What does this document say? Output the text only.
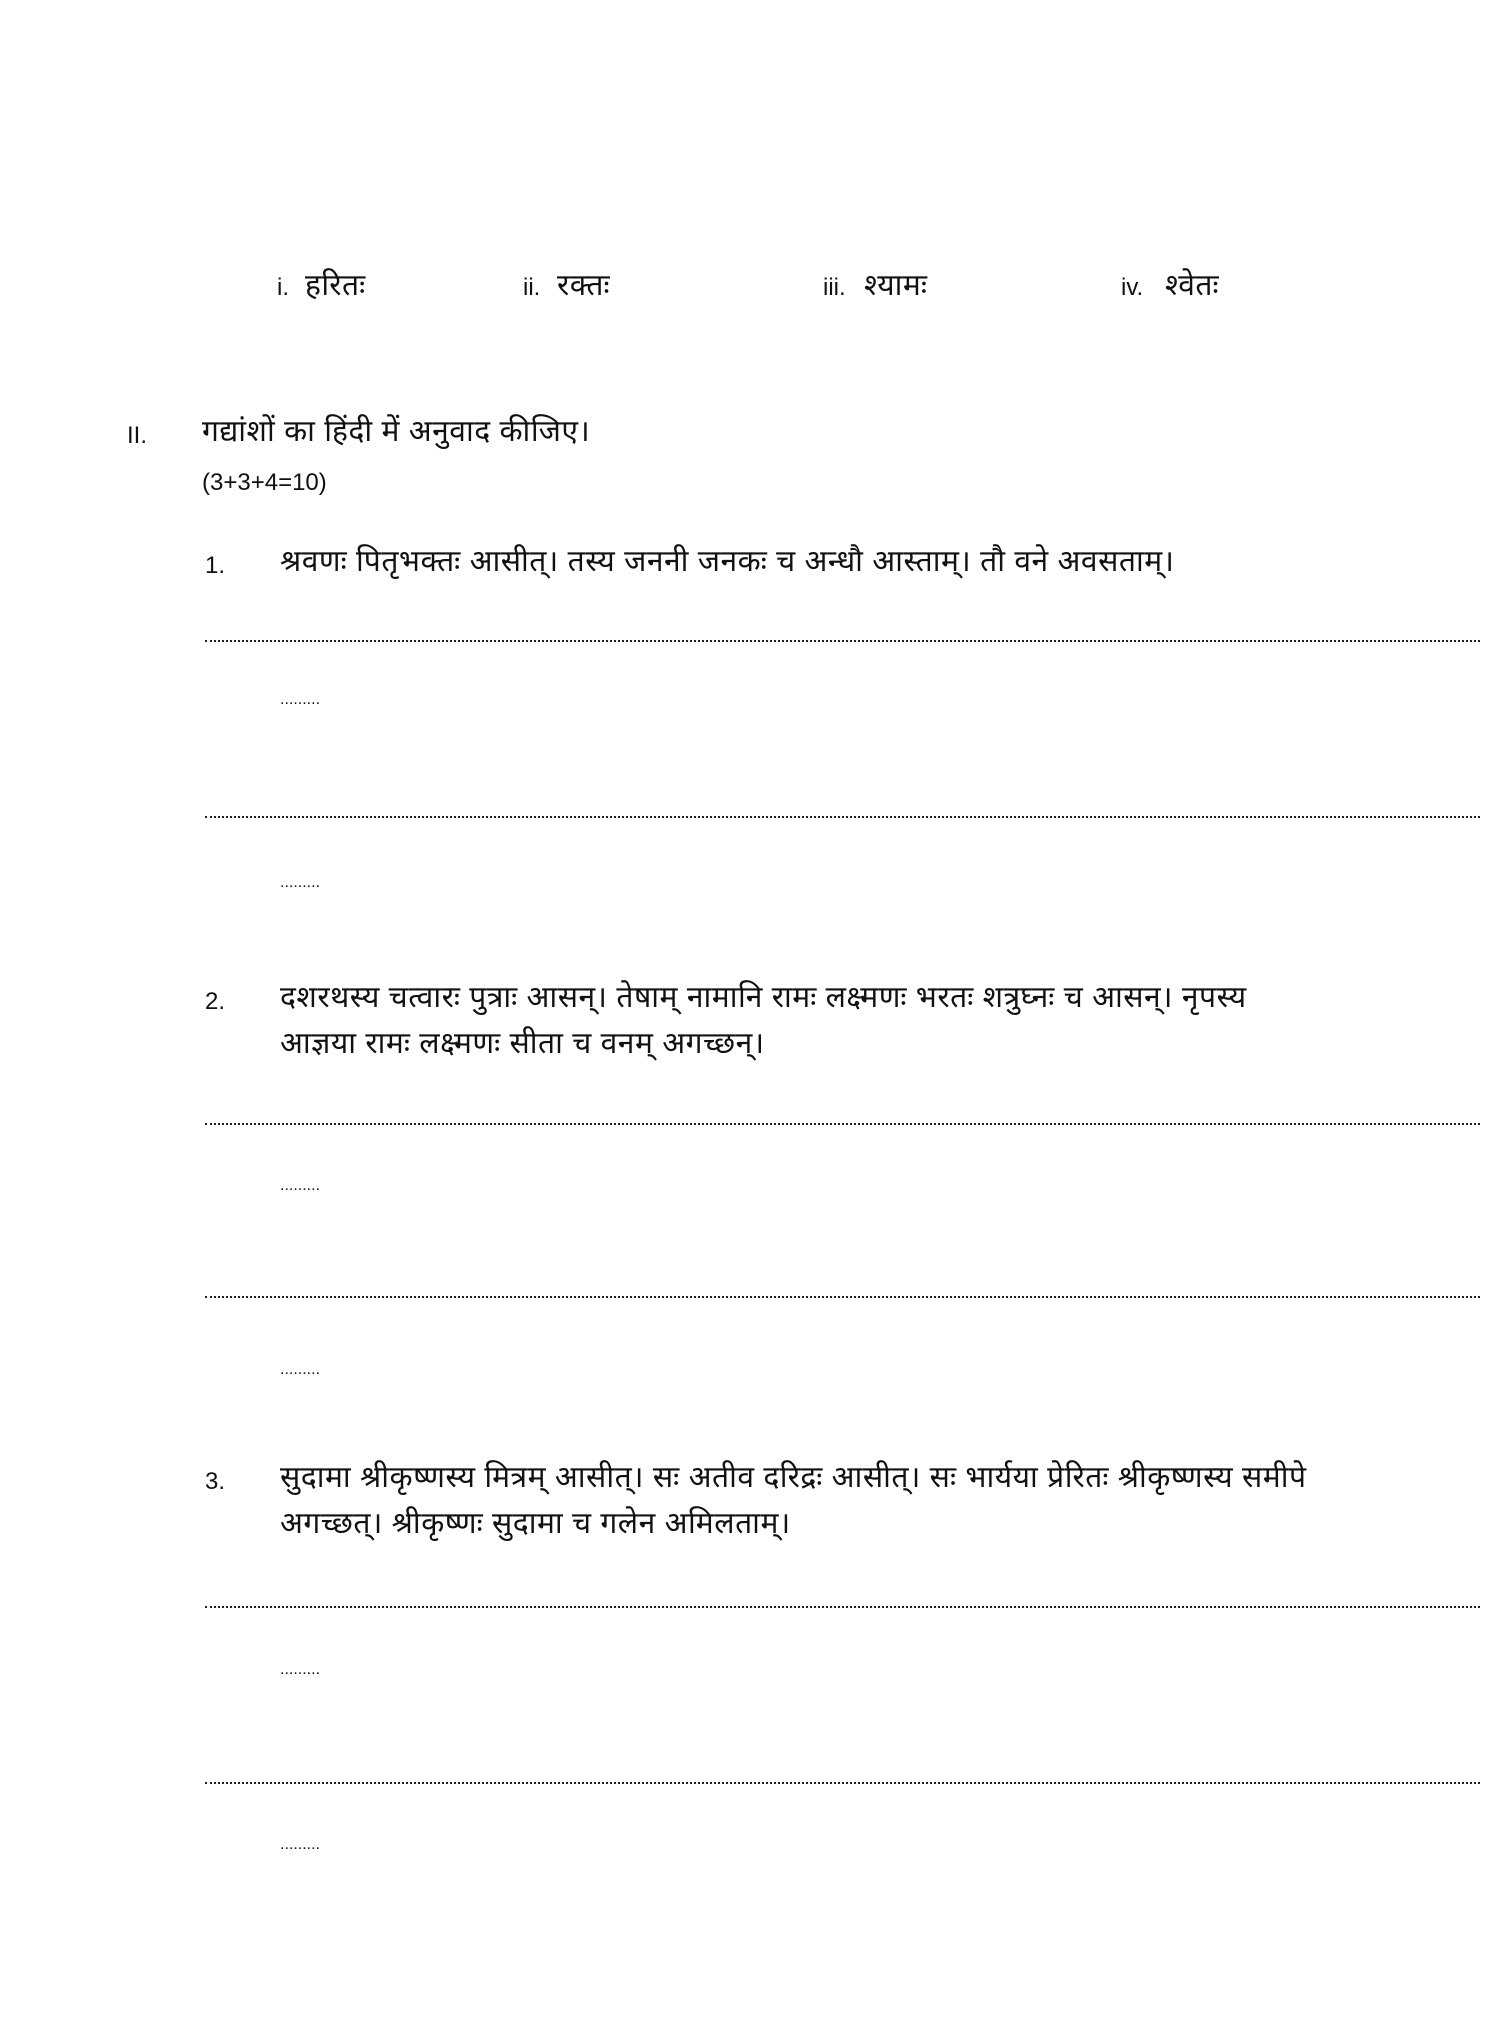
i. हरितः	ii. रक्तः	iii. श्यामः	iv. श्वेतः
II. गद्यांशों का हिंदी में अनुवाद कीजिए।
(3+3+4=10)
1. श्रवणः पितृभक्तः आसीत्। तस्य जननी जनकः च अन्धौ आस्ताम्। तौ वने अवसताम्।
.........
.........
2. दशरथस्य चत्वारः पुत्राः आसन्। तेषाम् नामानि रामः लक्ष्मणः भरतः शत्रुघ्नः च आसन्। नृपस्य
आज्ञया रामः लक्ष्मणः सीता च वनम् अगच्छन्।
.........
.........
3. सुदामा श्रीकृष्णस्य मित्रम् आसीत्। सः अतीव दरिद्रः आसीत्। सः भार्यया प्रेरितः श्रीकृष्णस्य समीपे
अगच्छत्। श्रीकृष्णः सुदामा च गलेन अमिलताम्।
.........
.........
